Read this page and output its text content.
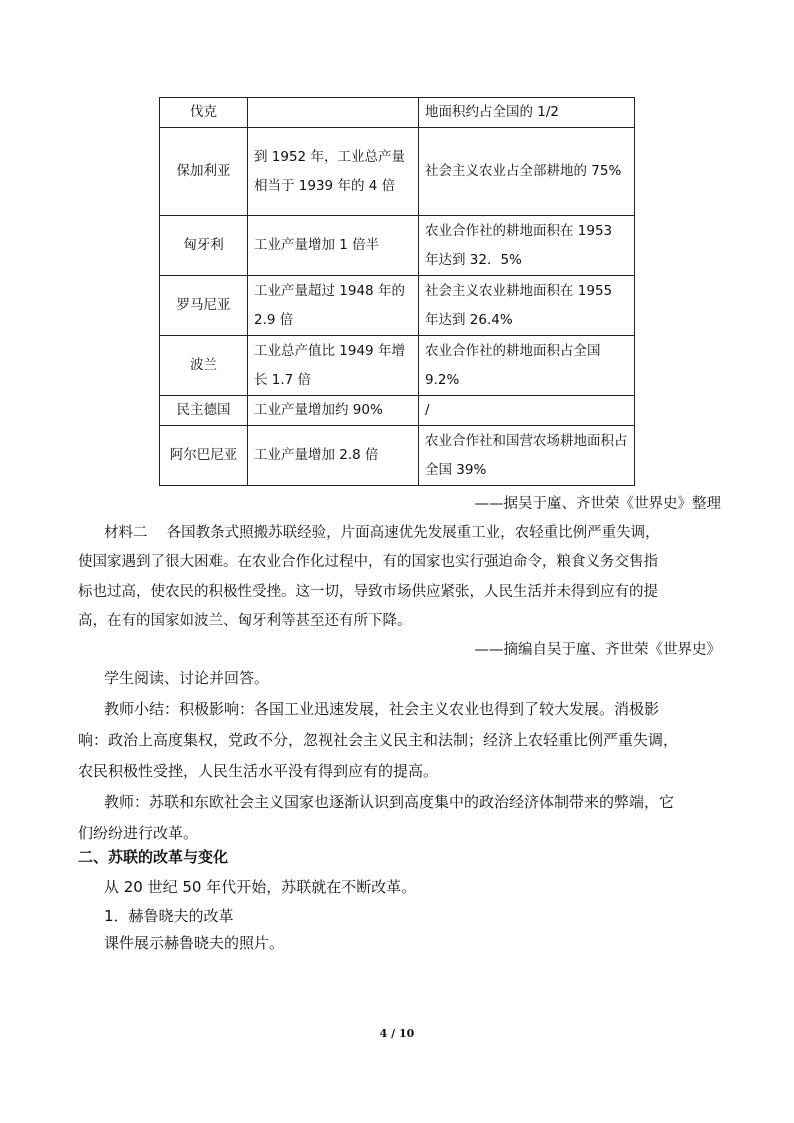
伐克		地面积约占全国的 1/2
保加利亚	到 1952 年，工业总产量相当于 1939 年的 4 倍	社会主义农业占全部耕地的 75%
匈牙利	工业产量增加 1 倍半	农业合作社的耕地面积在 1953 年达到 32．5%
罗马尼亚	工业产量超过 1948 年的 2.9 倍	社会主义农业耕地面积在 1955 年达到 26.4%
波兰	工业总产值比 1949 年增长 1.7 倍	农业合作社的耕地面积占全国 9.2%
民主德国	工业产量增加约 90%	/
阿尔巴尼亚	工业产量增加 2.8 倍	农业合作社和国营农场耕地面积占全国 39%
——据吴于廑、齐世荣《世界史》整理
材料二　 各国教条式照搬苏联经验，片面高速优先发展重工业，农轻重比例严重失调，
使国家遇到了很大困难。在农业合作化过程中，有的国家也实行强迫命令，粮食义务交售指
标也过高，使农民的积极性受挫。这一切，导致市场供应紧张，人民生活并未得到应有的提
高，在有的国家如波兰、匈牙利等甚至还有所下降。
——摘编自吴于廑、齐世荣《世界史》
学生阅读、讨论并回答。
教师小结：积极影响：各国工业迅速发展，社会主义农业也得到了较大发展。消极影
响：政治上高度集权，党政不分，忽视社会主义民主和法制；经济上农轻重比例严重失调，
农民积极性受挫，人民生活水平没有得到应有的提高。
教师：苏联和东欧社会主义国家也逐渐认识到高度集中的政治经济体制带来的弊端，它
们纷纷进行改革。
二、苏联的改革与变化
从 20 世纪 50 年代开始，苏联就在不断改革。
1．赫鲁晓夫的改革
课件展示赫鲁晓夫的照片。
4 / 10
